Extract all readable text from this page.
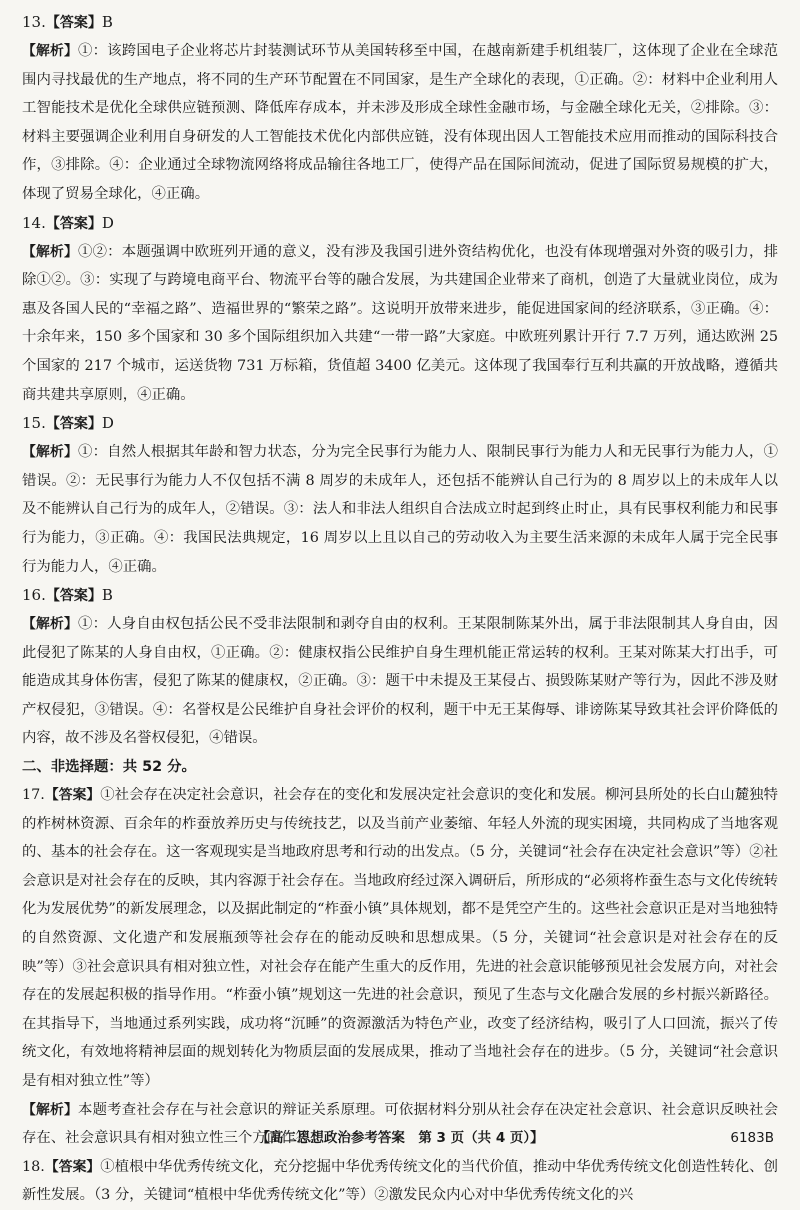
13.【答案】B

【解析】①：该跨国电子企业将芯片封装测试环节从美国转移至中国，在越南新建手机组装厂，这体现了企业在全球范围内寻找最优的生产地点，将不同的生产环节配置在不同国家，是生产全球化的表现，①正确。②：材料中企业利用人工智能技术是优化全球供应链预测、降低库存成本，并未涉及形成全球性金融市场，与金融全球化无关，②排除。③：材料主要强调企业利用自身研发的人工智能技术优化内部供应链，没有体现出因人工智能技术应用而推动的国际科技合作，③排除。④：企业通过全球物流网络将成品输往各地工厂，使得产品在国际间流动，促进了国际贸易规模的扩大，体现了贸易全球化，④正确。

14.【答案】D

【解析】①②：本题强调中欧班列开通的意义，没有涉及我国引进外资结构优化，也没有体现增强对外资的吸引力，排除①②。③：实现了与跨境电商平台、物流平台等的融合发展，为共建国企业带来了商机，创造了大量就业岗位，成为惠及各国人民的“幸福之路”、造福世界的“繁荣之路”。这说明开放带来进步，能促进国家间的经济联系，③正确。④：十余年来，150 多个国家和 30 多个国际组织加入共建“一带一路”大家庭。中欧班列累计开行 7.7 万列，通达欧洲 25 个国家的 217 个城市，运送货物 731 万标箱，货值超 3400 亿美元。这体现了我国奉行互利共赢的开放战略，遵循共商共建共享原则，④正确。

15.【答案】D

【解析】①：自然人根据其年龄和智力状态，分为完全民事行为能力人、限制民事行为能力人和无民事行为能力人，①错误。②：无民事行为能力人不仅包括不满 8 周岁的未成年人，还包括不能辨认自己行为的 8 周岁以上的未成年人以及不能辨认自己行为的成年人，②错误。③：法人和非法人组织自合法成立时起到终止时止，具有民事权利能力和民事行为能力，③正确。④：我国民法典规定，16 周岁以上且以自己的劳动收入为主要生活来源的未成年人属于完全民事行为能力人，④正确。

16.【答案】B

【解析】①：人身自由权包括公民不受非法限制和剥夺自由的权利。王某限制陈某外出，属于非法限制其人身自由，因此侵犯了陈某的人身自由权，①正确。②：健康权指公民维护自身生理机能正常运转的权利。王某对陈某大打出手，可能造成其身体伤害，侵犯了陈某的健康权，②正确。③：题干中未提及王某侵占、损毁陈某财产等行为，因此不涉及财产权侵犯，③错误。④：名誉权是公民维护自身社会评价的权利，题干中无王某侮辱、诽谤陈某导致其社会评价降低的内容，故不涉及名誉权侵犯，④错误。

二、非选择题：共 52 分。

17.【答案】①社会存在决定社会意识，社会存在的变化和发展决定社会意识的变化和发展。柳河县所处的长白山麓独特的柞树林资源、百余年的柞蚕放养历史与传统技艺，以及当前产业萎缩、年轻人外流的现实困境，共同构成了当地客观的、基本的社会存在。这一客观现实是当地政府思考和行动的出发点。（5 分，关键词“社会存在决定社会意识”等）②社会意识是对社会存在的反映，其内容源于社会存在。当地政府经过深入调研后，所形成的“必须将柞蚕生态与文化传统转化为发展优势”的新发展理念，以及据此制定的“柞蚕小镇”具体规划，都不是凭空产生的。这些社会意识正是对当地独特的自然资源、文化遗产和发展瓶颈等社会存在的能动反映和思想成果。（5 分，关键词“社会意识是对社会存在的反映”等）③社会意识具有相对独立性，对社会存在能产生重大的反作用，先进的社会意识能够预见社会发展方向，对社会存在的发展起积极的指导作用。“柞蚕小镇”规划这一先进的社会意识，预见了生态与文化融合发展的乡村振兴新路径。在其指导下，当地通过系列实践，成功将“沉睡”的资源激活为特色产业，改变了经济结构，吸引了人口回流，振兴了传统文化，有效地将精神层面的规划转化为物质层面的发展成果，推动了当地社会存在的进步。（5 分，关键词“社会意识是有相对独立性”等）

【解析】本题考查社会存在与社会意识的辩证关系原理。可依据材料分别从社会存在决定社会意识、社会意识反映社会存在、社会意识具有相对独立性三个方面作答。

18.【答案】①植根中华优秀传统文化，充分挖掘中华优秀传统文化的当代价值，推动中华优秀传统文化创造性转化、创新性发展。（3 分，关键词“植根中华优秀传统文化”等）②激发民众内心对中华优秀传统文化的兴

【高二思想政治参考答案　第 3 页（共 4 页）】	6183B
